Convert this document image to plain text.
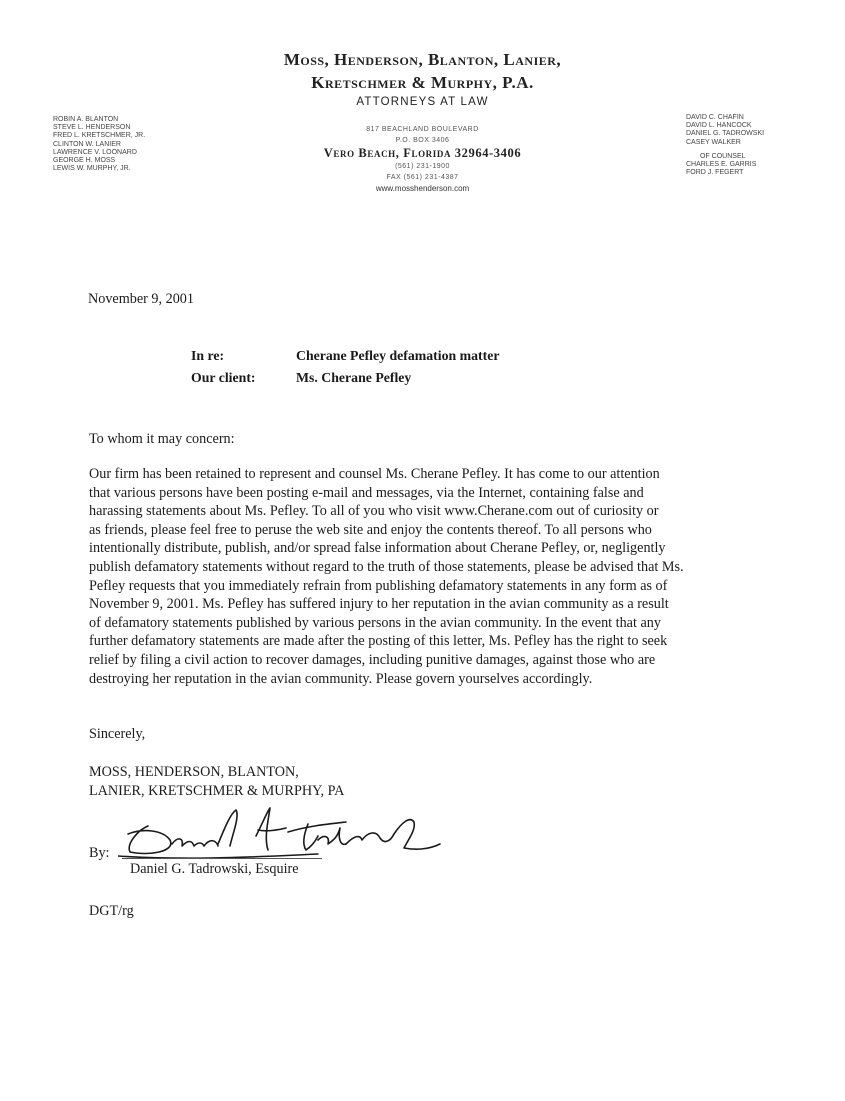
Moss, Henderson, Blanton, Lanier,
Kretschmer & Murphy, P.A.
ATTORNEYS AT LAW
ROBIN A. BLANTON
STEVE L. HENDERSON
FRED L. KRETSCHMER, JR.
CLINTON W. LANIER
LAWRENCE V. LOONARD
GEORGE H. MOSS
LEWIS W. MURPHY, JR.
DAVID C. CHAFIN
DAVID L. HANCOCK
DANIEL G. TADROWSKI
CASEY WALKER
OF COUNSEL
CHARLES E. GARRIS
FORD J. FEGERT
817 BEACHLAND BOULEVARD
P.O. BOX 3406
Vero Beach, Florida 32964-3406
(561) 231-1900
FAX (561) 231-4387
www.mosshenderson.com
November 9, 2001
In re:	Cherane Pefley defamation matter
Our client:	Ms. Cherane Pefley
To whom it may concern:
Our firm has been retained to represent and counsel Ms. Cherane Pefley. It has come to our attention
that various persons have been posting e-mail and messages, via the Internet, containing false and
harassing statements about Ms. Pefley. To all of you who visit www.Cherane.com out of curiosity or
as friends, please feel free to peruse the web site and enjoy the contents thereof. To all persons who
intentionally distribute, publish, and/or spread false information about Cherane Pefley, or, negligently
publish defamatory statements without regard to the truth of those statements, please be advised that Ms.
Pefley requests that you immediately refrain from publishing defamatory statements in any form as of
November 9, 2001. Ms. Pefley has suffered injury to her reputation in the avian community as a result
of defamatory statements published by various persons in the avian community. In the event that any
further defamatory statements are made after the posting of this letter, Ms. Pefley has the right to seek
relief by filing a civil action to recover damages, including punitive damages, against those who are
destroying her reputation in the avian community. Please govern yourselves accordingly.
Sincerely,
MOSS, HENDERSON, BLANTON,
LANIER, KRETSCHMER & MURPHY, PA
By:
Daniel G. Tadrowski, Esquire
DGT/rg
